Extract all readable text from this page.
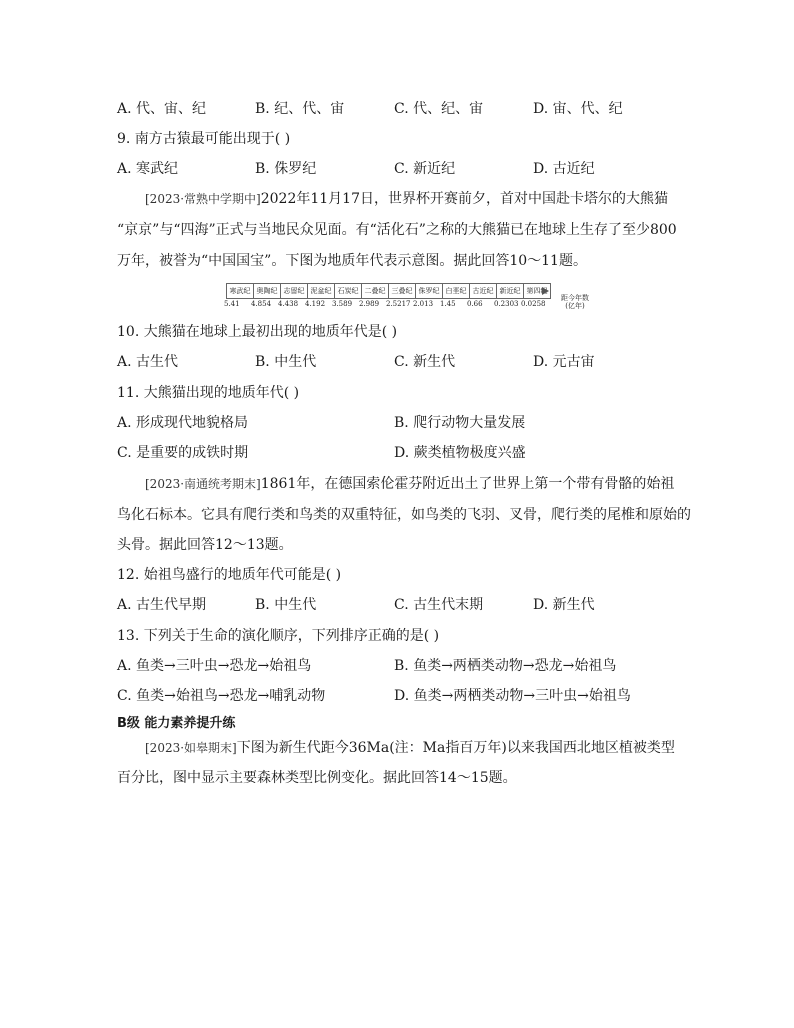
A. 代、宙、纪	B. 纪、代、宙	C. 代、纪、宙	D. 宙、代、纪
9. 南方古猿最可能出现于( )
A. 寒武纪	B. 侏罗纪	C. 新近纪	D. 古近纪
[2023·常熟中学期中]2022年11月17日，世界杯开赛前夕，首对中国赴卡塔尔的大熊猫
“京京”与“四海”正式与当地民众见面。有“活化石”之称的大熊猫已在地球上生存了至少800
万年，被誉为“中国国宝”。下图为地质年代表示意图。据此回答10～11题。
寒武纪 奥陶纪 志留纪 泥盆纪 石炭纪 二叠纪 三叠纪 侏罗纪 白垩纪 古近纪 新近纪 第四纪
5.41 4.854 4.438 4.192 3.589 2.989 2.5217 2.013 1.45 0.66 0.2303 0.0258
距今年数
(亿年)
10. 大熊猫在地球上最初出现的地质年代是( )
A. 古生代	B. 中生代	C. 新生代	D. 元古宙
11. 大熊猫出现的地质年代( )
A. 形成现代地貌格局	B. 爬行动物大量发展
C. 是重要的成铁时期	D. 蕨类植物极度兴盛
[2023·南通统考期末]1861年，在德国索伦霍芬附近出土了世界上第一个带有骨骼的始祖
鸟化石标本。它具有爬行类和鸟类的双重特征，如鸟类的飞羽、叉骨，爬行类的尾椎和原始的
头骨。据此回答12～13题。
12. 始祖鸟盛行的地质年代可能是( )
A. 古生代早期	B. 中生代	C. 古生代末期	D. 新生代
13. 下列关于生命的演化顺序，下列排序正确的是( )
A. 鱼类→三叶虫→恐龙→始祖鸟	B. 鱼类→两栖类动物→恐龙→始祖鸟
C. 鱼类→始祖鸟→恐龙→哺乳动物	D. 鱼类→两栖类动物→三叶虫→始祖鸟
B级 能力素养提升练
[2023·如皋期末]下图为新生代距今36Ma(注：Ma指百万年)以来我国西北地区植被类型
百分比，图中显示主要森林类型比例变化。据此回答14～15题。
